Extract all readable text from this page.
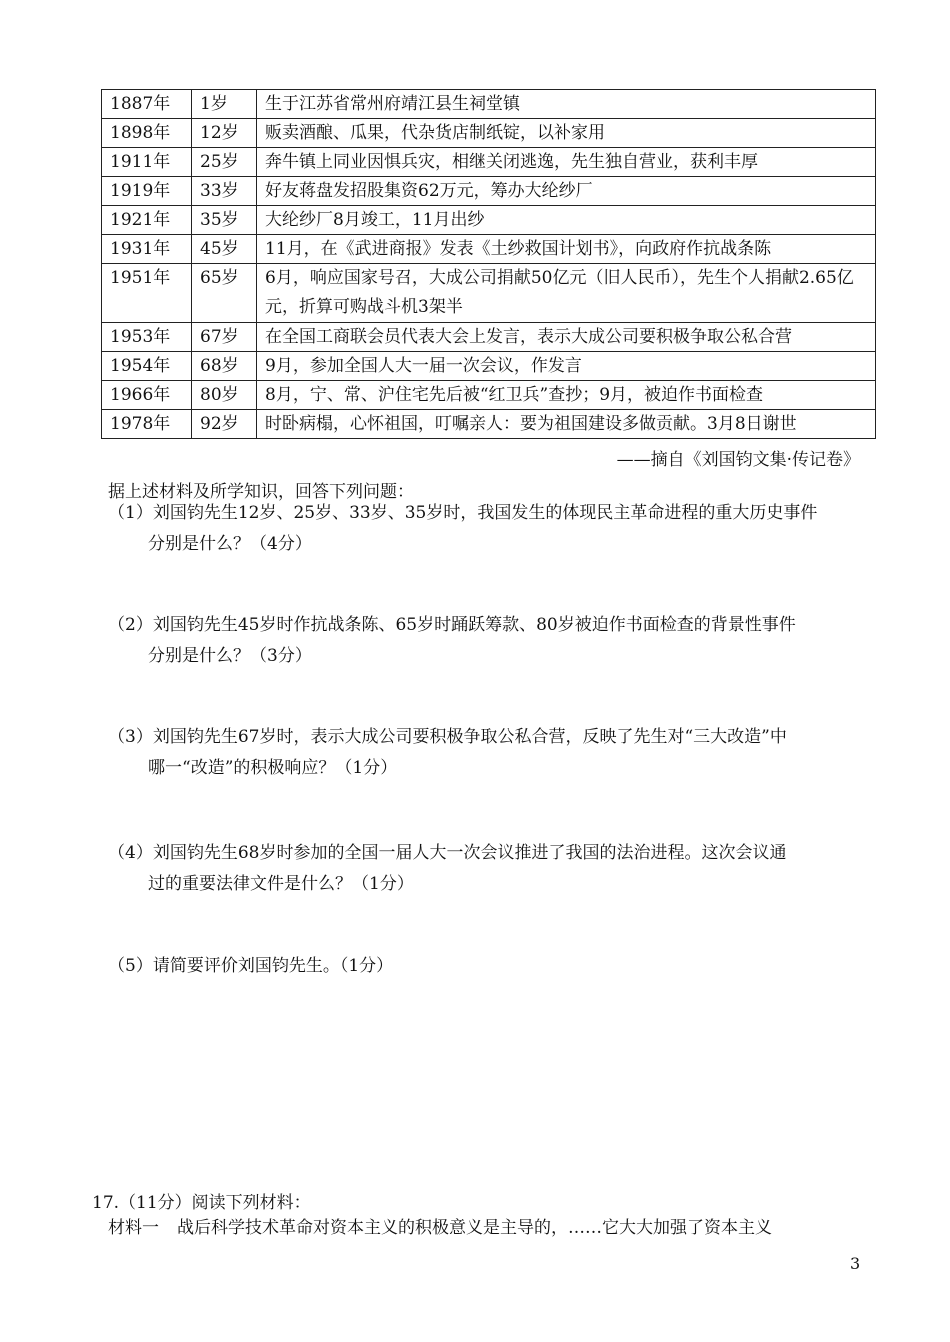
1887年	1岁	生于江苏省常州府靖江县生祠堂镇
1898年	12岁	贩卖酒酿、瓜果，代杂货店制纸锭，以补家用
1911年	25岁	奔牛镇上同业因惧兵灾，相继关闭逃逸，先生独自营业，获利丰厚
1919年	33岁	好友蒋盘发招股集资62万元，筹办大纶纱厂
1921年	35岁	大纶纱厂8月竣工，11月出纱
1931年	45岁	11月，在《武进商报》发表《土纱救国计划书》，向政府作抗战条陈
1951年	65岁	6月，响应国家号召，大成公司捐献50亿元（旧人民币），先生个人捐献2.65亿元，折算可购战斗机3架半
1953年	67岁	在全国工商联会员代表大会上发言，表示大成公司要积极争取公私合营
1954年	68岁	9月，参加全国人大一届一次会议，作发言
1966年	80岁	8月，宁、常、沪住宅先后被“红卫兵”查抄；9月，被迫作书面检查
1978年	92岁	时卧病榻，心怀祖国，叮嘱亲人：要为祖国建设多做贡献。3月8日谢世
——摘自《刘国钧文集·传记卷》
据上述材料及所学知识，回答下列问题：
（1）刘国钧先生12岁、25岁、33岁、35岁时，我国发生的体现民主革命进程的重大历史事件
分别是什么？（4分）
（2）刘国钧先生45岁时作抗战条陈、65岁时踊跃筹款、80岁被迫作书面检查的背景性事件
分别是什么？（3分）
（3）刘国钧先生67岁时，表示大成公司要积极争取公私合营，反映了先生对“三大改造”中
哪一“改造”的积极响应？（1分）
（4）刘国钧先生68岁时参加的全国一届人大一次会议推进了我国的法治进程。这次会议通
过的重要法律文件是什么？（1分）
（5）请简要评价刘国钧先生。（1分）
17.（11分）阅读下列材料：
材料一 战后科学技术革命对资本主义的积极意义是主导的，……它大大加强了资本主义
3
